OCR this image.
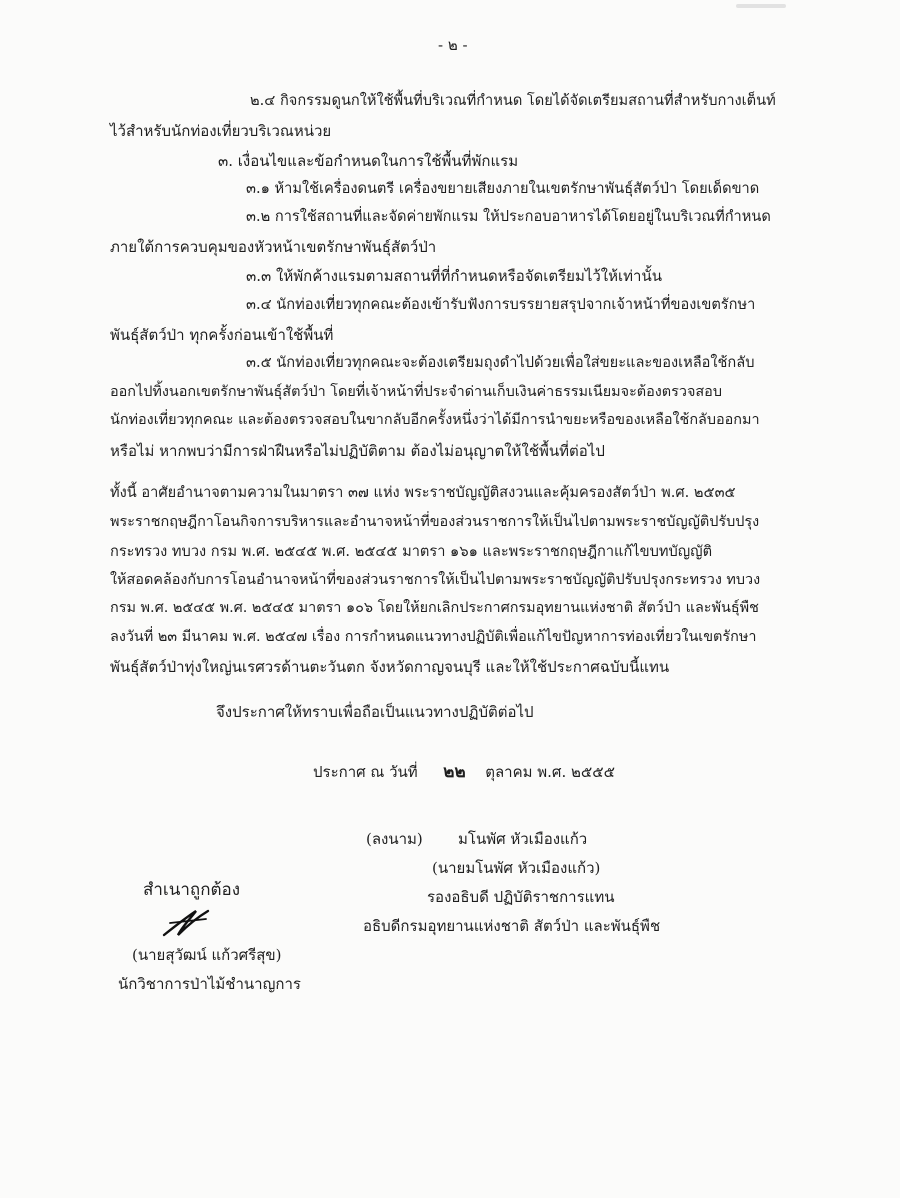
- ๒ -
๒.๔ กิจกรรมดูนกให้ใช้พื้นที่บริเวณที่กำหนด โดยได้จัดเตรียมสถานที่สำหรับกางเต็นท์
ไว้สำหรับนักท่องเที่ยวบริเวณหน่วย
๓. เงื่อนไขและข้อกำหนดในการใช้พื้นที่พักแรม
๓.๑ ห้ามใช้เครื่องดนตรี เครื่องขยายเสียงภายในเขตรักษาพันธุ์สัตว์ป่า โดยเด็ดขาด
๓.๒ การใช้สถานที่และจัดค่ายพักแรม ให้ประกอบอาหารได้โดยอยู่ในบริเวณที่กำหนด
ภายใต้การควบคุมของหัวหน้าเขตรักษาพันธุ์สัตว์ป่า
๓.๓ ให้พักค้างแรมตามสถานที่ที่กำหนดหรือจัดเตรียมไว้ให้เท่านั้น
๓.๔ นักท่องเที่ยวทุกคณะต้องเข้ารับฟังการบรรยายสรุปจากเจ้าหน้าที่ของเขตรักษา
พันธุ์สัตว์ป่า ทุกครั้งก่อนเข้าใช้พื้นที่
๓.๕ นักท่องเที่ยวทุกคณะจะต้องเตรียมถุงดำไปด้วยเพื่อใส่ขยะและของเหลือใช้กลับ
ออกไปทิ้งนอกเขตรักษาพันธุ์สัตว์ป่า โดยที่เจ้าหน้าที่ประจำด่านเก็บเงินค่าธรรมเนียมจะต้องตรวจสอบ
นักท่องเที่ยวทุกคณะ และต้องตรวจสอบในขากลับอีกครั้งหนึ่งว่าได้มีการนำขยะหรือของเหลือใช้กลับออกมา
หรือไม่ หากพบว่ามีการฝ่าฝืนหรือไม่ปฏิบัติตาม ต้องไม่อนุญาตให้ใช้พื้นที่ต่อไป
ทั้งนี้ อาศัยอำนาจตามความในมาตรา ๓๗ แห่ง พระราชบัญญัติสงวนและคุ้มครองสัตว์ป่า พ.ศ. ๒๕๓๕
พระราชกฤษฎีกาโอนกิจการบริหารและอำนาจหน้าที่ของส่วนราชการให้เป็นไปตามพระราชบัญญัติปรับปรุง
กระทรวง ทบวง กรม พ.ศ. ๒๕๔๕ พ.ศ. ๒๕๔๕ มาตรา ๑๖๑ และพระราชกฤษฎีกาแก้ไขบทบัญญัติ
ให้สอดคล้องกับการโอนอำนาจหน้าที่ของส่วนราชการให้เป็นไปตามพระราชบัญญัติปรับปรุงกระทรวง ทบวง
กรม พ.ศ. ๒๕๔๕ พ.ศ. ๒๕๔๕ มาตรา ๑๐๖ โดยให้ยกเลิกประกาศกรมอุทยานแห่งชาติ สัตว์ป่า และพันธุ์พืช
ลงวันที่ ๒๓ มีนาคม พ.ศ. ๒๕๔๗ เรื่อง การกำหนดแนวทางปฏิบัติเพื่อแก้ไขปัญหาการท่องเที่ยวในเขตรักษา
พันธุ์สัตว์ป่าทุ่งใหญ่นเรศวรด้านตะวันตก จังหวัดกาญจนบุรี และให้ใช้ประกาศฉบับนี้แทน
จึงประกาศให้ทราบเพื่อถือเป็นแนวทางปฏิบัติต่อไป
ประกาศ ณ วันที่ ๒๒ ตุลาคม พ.ศ. ๒๕๕๕
(ลงนาม) มโนพัศ หัวเมืองแก้ว
(นายมโนพัศ หัวเมืองแก้ว)
รองอธิบดี ปฏิบัติราชการแทน
อธิบดีกรมอุทยานแห่งชาติ สัตว์ป่า และพันธุ์พืช
สำเนาถูกต้อง
(นายสุวัฒน์ แก้วศรีสุข)
นักวิชาการป่าไม้ชำนาญการ
